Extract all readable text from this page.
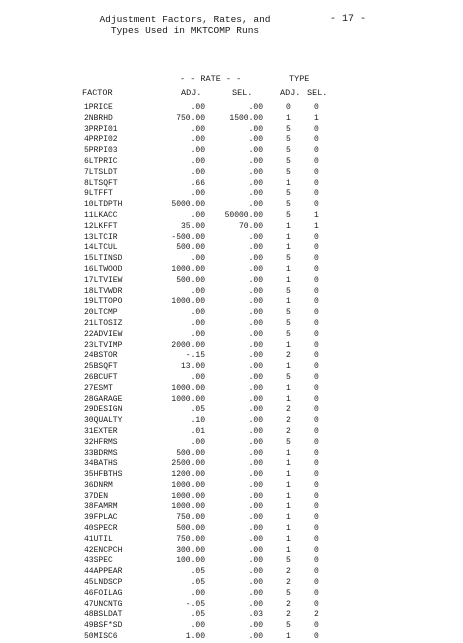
Adjustment Factors, Rates, and
Types Used in MKTCOMP Runs
- 17 -
- - RATE - -	TYPE
FACTOR	ADJ.	SEL.	ADJ. SEL.
1PRICE	.00	.00	0	0
2NBRHD	750.00	1500.00	1	1
3PRPI01	.00	.00	5	0
4PRPI02	.00	.00	5	0
5PRPI03	.00	.00	5	0
6LTPRIC	.00	.00	5	0
7LTSLDT	.00	.00	5	0
8LTSQFT	.66	.00	1	0
9LTFFT	.00	.00	5	0
10LTDPTH	5000.00	.00	5	0
11LKACC	.00 50000.00	5	1
12LKFFT	35.00	70.00	1	1
13LTCIR	-500.00	.00	1	0
14LTCUL	500.00	.00	1	0
15LTINSD	.00	.00	5	0
16LTWOOD	1000.00	.00	1	0
17LTVIEW	500.00	.00	1	0
18LTVWDR	.00	.00	5	0
19LTTOPO	1000.00	.00	1	0
20LTCMP	.00	.00	5	0
21LTOSIZ	.00	.00	5	0
22ADVIEW	.00	.00	5	0
23LTVIMP	2000.00	.00	1	0
24BSTOR	-.15	.00	2	0
25BSQFT	13.00	.00	1	0
26BCUFT	.00	.00	5	0
27ESMT	1000.00	.00	1	0
28GARAGE	1000.00	.00	1	0
29DESIGN	.05	.00	2	0
30QUALTY	.10	.00	2	0
31EXTER	.01	.00	2	0
32HFRMS	.00	.00	5	0
33BDRMS	500.00	.00	1	0
34BATHS	2500.00	.00	1	0
35HFBTHS	1200.00	.00	1	0
36DNRM	1000.00	.00	1	0
37DEN	1000.00	.00	1	0
38FAMRM	1000.00	.00	1	0
39FPLAC	750.00	.00	1	0
40SPECR	500.00	.00	1	0
41UTIL	750.00	.00	1	0
42ENCPCH	300.00	.00	1	0
43SPEC	100.00	.00	5	0
44APPEAR	.05	.00	2	0
45LNDSCP	.05	.00	2	0
46FOILAG	.00	.00	5	0
47UNCNTG	-.05	.00	2	0
48BSLDAT	.05	.03	2	2
49BSF*SD	.00	.00	5	0
50MISC6	1.00	.00	1	0
